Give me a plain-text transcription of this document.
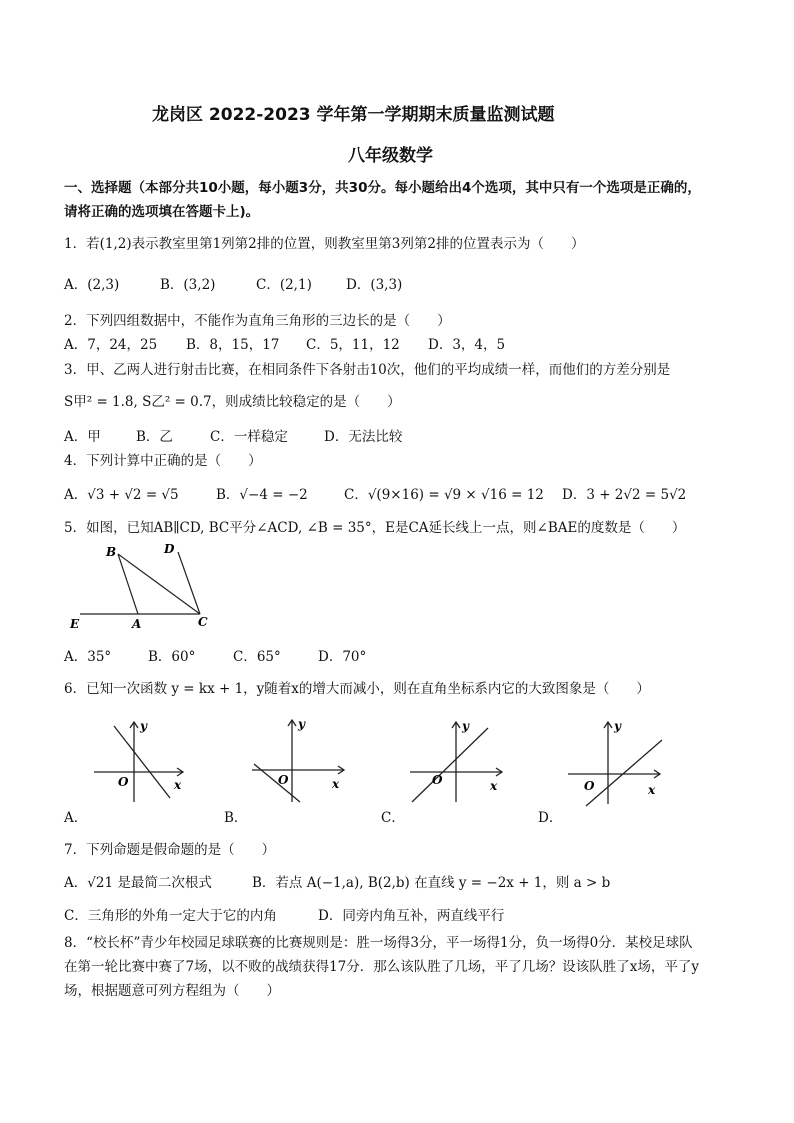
龙岗区 2022-2023 学年第一学期期末质量监测试题
八年级数学
一、选择题（本部分共10小题，每小题3分，共30分。每小题给出4个选项，其中只有一个选项是正确的，
请将正确的选项填在答题卡上)。
1．若(1,2)表示教室里第1列第2排的位置，则教室里第3列第2排的位置表示为（　　）
A．(2,3)	B．(3,2)	C．(2,1)	D．(3,3)
2．下列四组数据中，不能作为直角三角形的三边长的是（　　）
A．7，24，25 B．8，15，17 C．5，11，12 D．3，4，5
3．甲、乙两人进行射击比赛，在相同条件下各射击10次，他们的平均成绩一样，而他们的方差分别是
S甲² = 1.8, S乙² = 0.7，则成绩比较稳定的是（　　）
A．甲	B．乙	C．一样稳定	D．无法比较
4．下列计算中正确的是（　　）
A．√3 + √2 = √5	B．√−4 = −2	C．√(9×16) = √9 × √16 = 12 D．3 + 2√2 = 5√2
5．如图，已知AB∥CD, BC平分∠ACD, ∠B = 35°，E是CA延长线上一点，则∠BAE的度数是（　　）
B	D
E	A	C
A．35°	B．60°	C．65°	D．70°
6．已知一次函数 y = kx + 1，y随着x的增大而减小，则在直角坐标系内它的大致图象是（　　）
y
x
O
y
x
O
y
x
O
y
x
O
A．	B．	C．	D．
7．下列命题是假命题的是（　　）
A．√21 是最简二次根式	B．若点 A(−1,a), B(2,b) 在直线 y = −2x + 1，则 a > b
C．三角形的外角一定大于它的内角	D．同旁内角互补，两直线平行
8．“校长杯”青少年校园足球联赛的比赛规则是：胜一场得3分，平一场得1分，负一场得0分．某校足球队
在第一轮比赛中赛了7场，以不败的战绩获得17分．那么该队胜了几场，平了几场？设该队胜了x场，平了y
场，根据题意可列方程组为（　　）
